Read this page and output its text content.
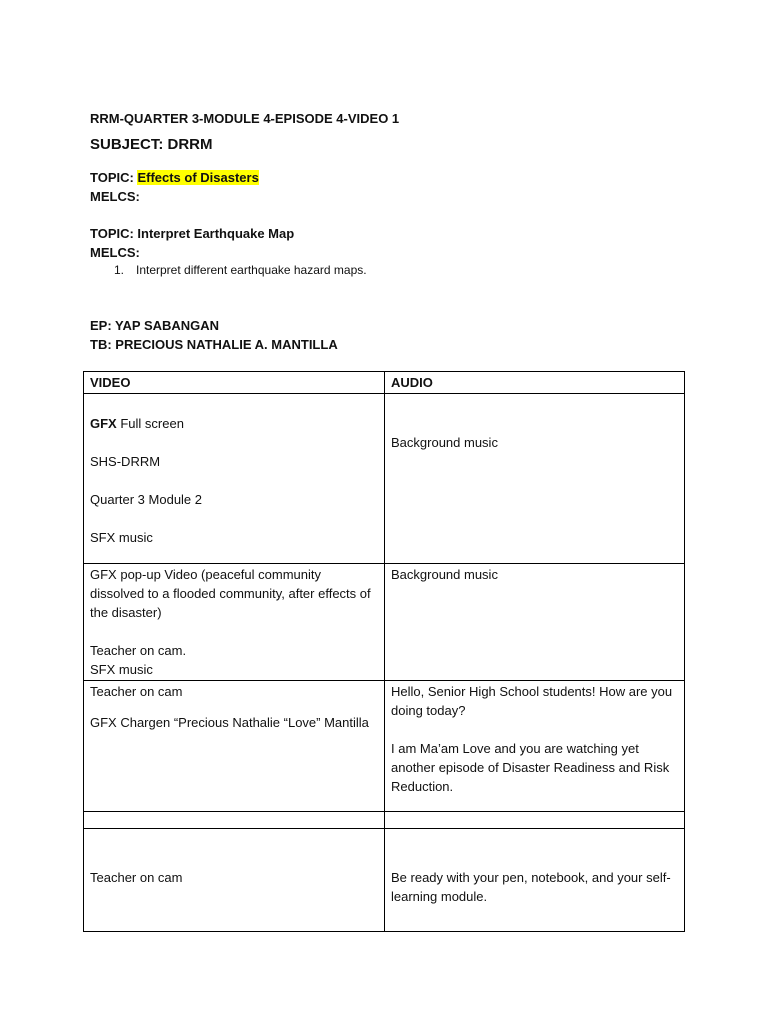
RRM-QUARTER 3-MODULE 4-EPISODE 4-VIDEO 1
SUBJECT: DRRM
TOPIC: Effects of Disasters
MELCS:
TOPIC: Interpret Earthquake Map
MELCS:
1. Interpret different earthquake hazard maps.
EP: YAP SABANGAN
TB: PRECIOUS NATHALIE A. MANTILLA
VIDEO	AUDIO

GFX Full screen
SHS-DRRM
Quarter 3 Module 2
SFX music	Background music

GFX pop-up Video (peaceful community dissolved to a flooded community, after effects of the disaster)
Teacher on cam.
SFX music	Background music

Teacher on cam
GFX Chargen “Precious Nathalie “Love” Mantilla	Hello, Senior High School students! How are you doing today?
I am Ma’am Love and you are watching yet another episode of Disaster Readiness and Risk Reduction.

Teacher on cam	Be ready with your pen, notebook, and your self-learning module.
